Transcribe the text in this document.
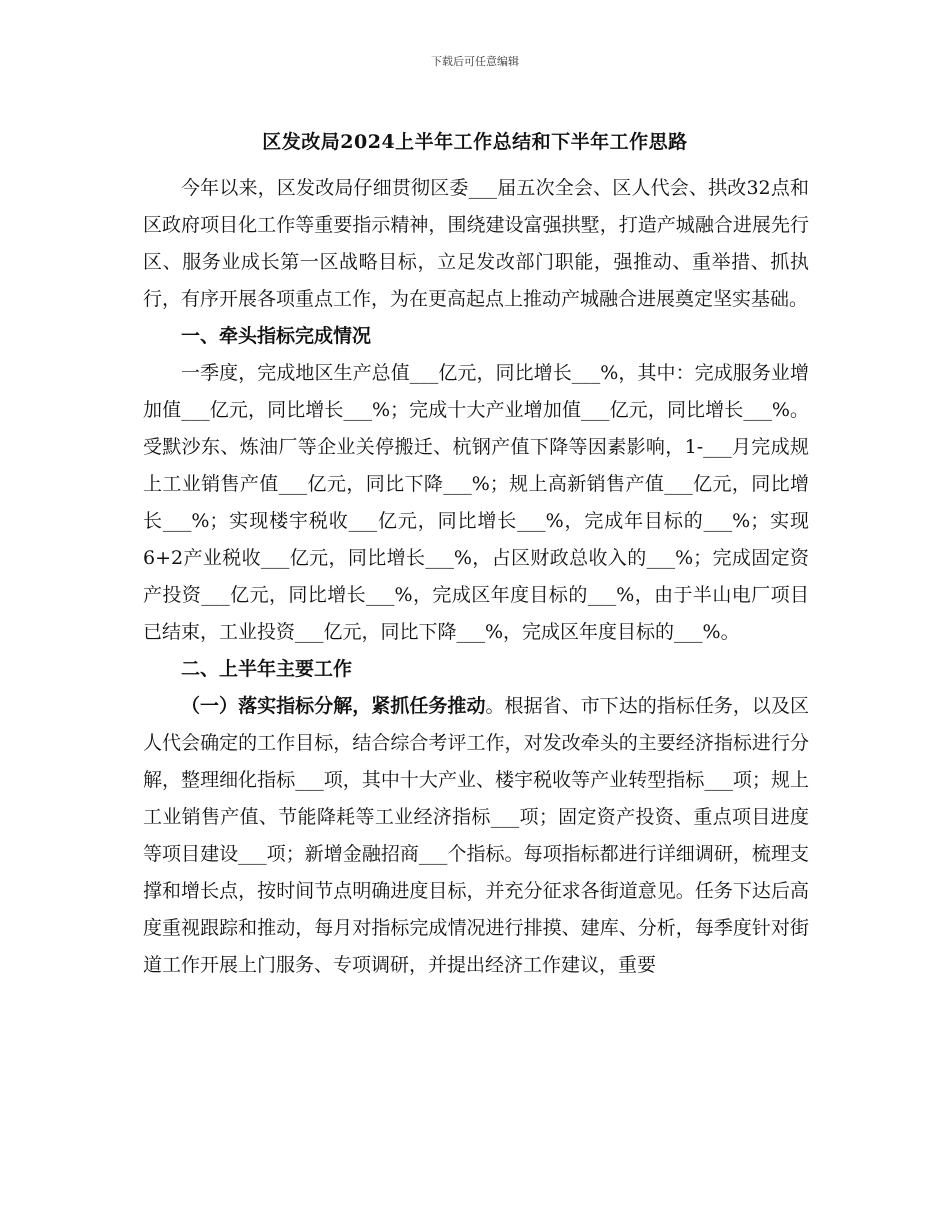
下载后可任意编辑
区发改局2024上半年工作总结和下半年工作思路

今年以来，区发改局仔细贯彻区委___届五次全会、区人代会、拱改32点和区政府项目化工作等重要指示精神，围绕建设富强拱墅，打造产城融合进展先行区、服务业成长第一区战略目标，立足发改部门职能，强推动、重举措、抓执行，有序开展各项重点工作，为在更高起点上推动产城融合进展奠定坚实基础。

一、牵头指标完成情况

一季度，完成地区生产总值___亿元，同比增长___%，其中：完成服务业增加值___亿元，同比增长___%；完成十大产业增加值___亿元，同比增长___%。受默沙东、炼油厂等企业关停搬迁、杭钢产值下降等因素影响，1-___月完成规上工业销售产值___亿元，同比下降___%；规上高新销售产值___亿元，同比增长___%；实现楼宇税收___亿元，同比增长___%，完成年目标的___%；实现6+2产业税收___亿元，同比增长___%，占区财政总收入的___%；完成固定资产投资___亿元，同比增长___%，完成区年度目标的___%，由于半山电厂项目已结束，工业投资___亿元，同比下降___%，完成区年度目标的___%。

二、上半年主要工作

（一）落实指标分解，紧抓任务推动。根据省、市下达的指标任务，以及区人代会确定的工作目标，结合综合考评工作，对发改牵头的主要经济指标进行分解，整理细化指标___项，其中十大产业、楼宇税收等产业转型指标___项；规上工业销售产值、节能降耗等工业经济指标___项；固定资产投资、重点项目进度等项目建设___项；新增金融招商___个指标。每项指标都进行详细调研，梳理支撑和增长点，按时间节点明确进度目标，并充分征求各街道意见。任务下达后高度重视跟踪和推动，每月对指标完成情况进行排摸、建库、分析，每季度针对街道工作开展上门服务、专项调研，并提出经济工作建议，重要
